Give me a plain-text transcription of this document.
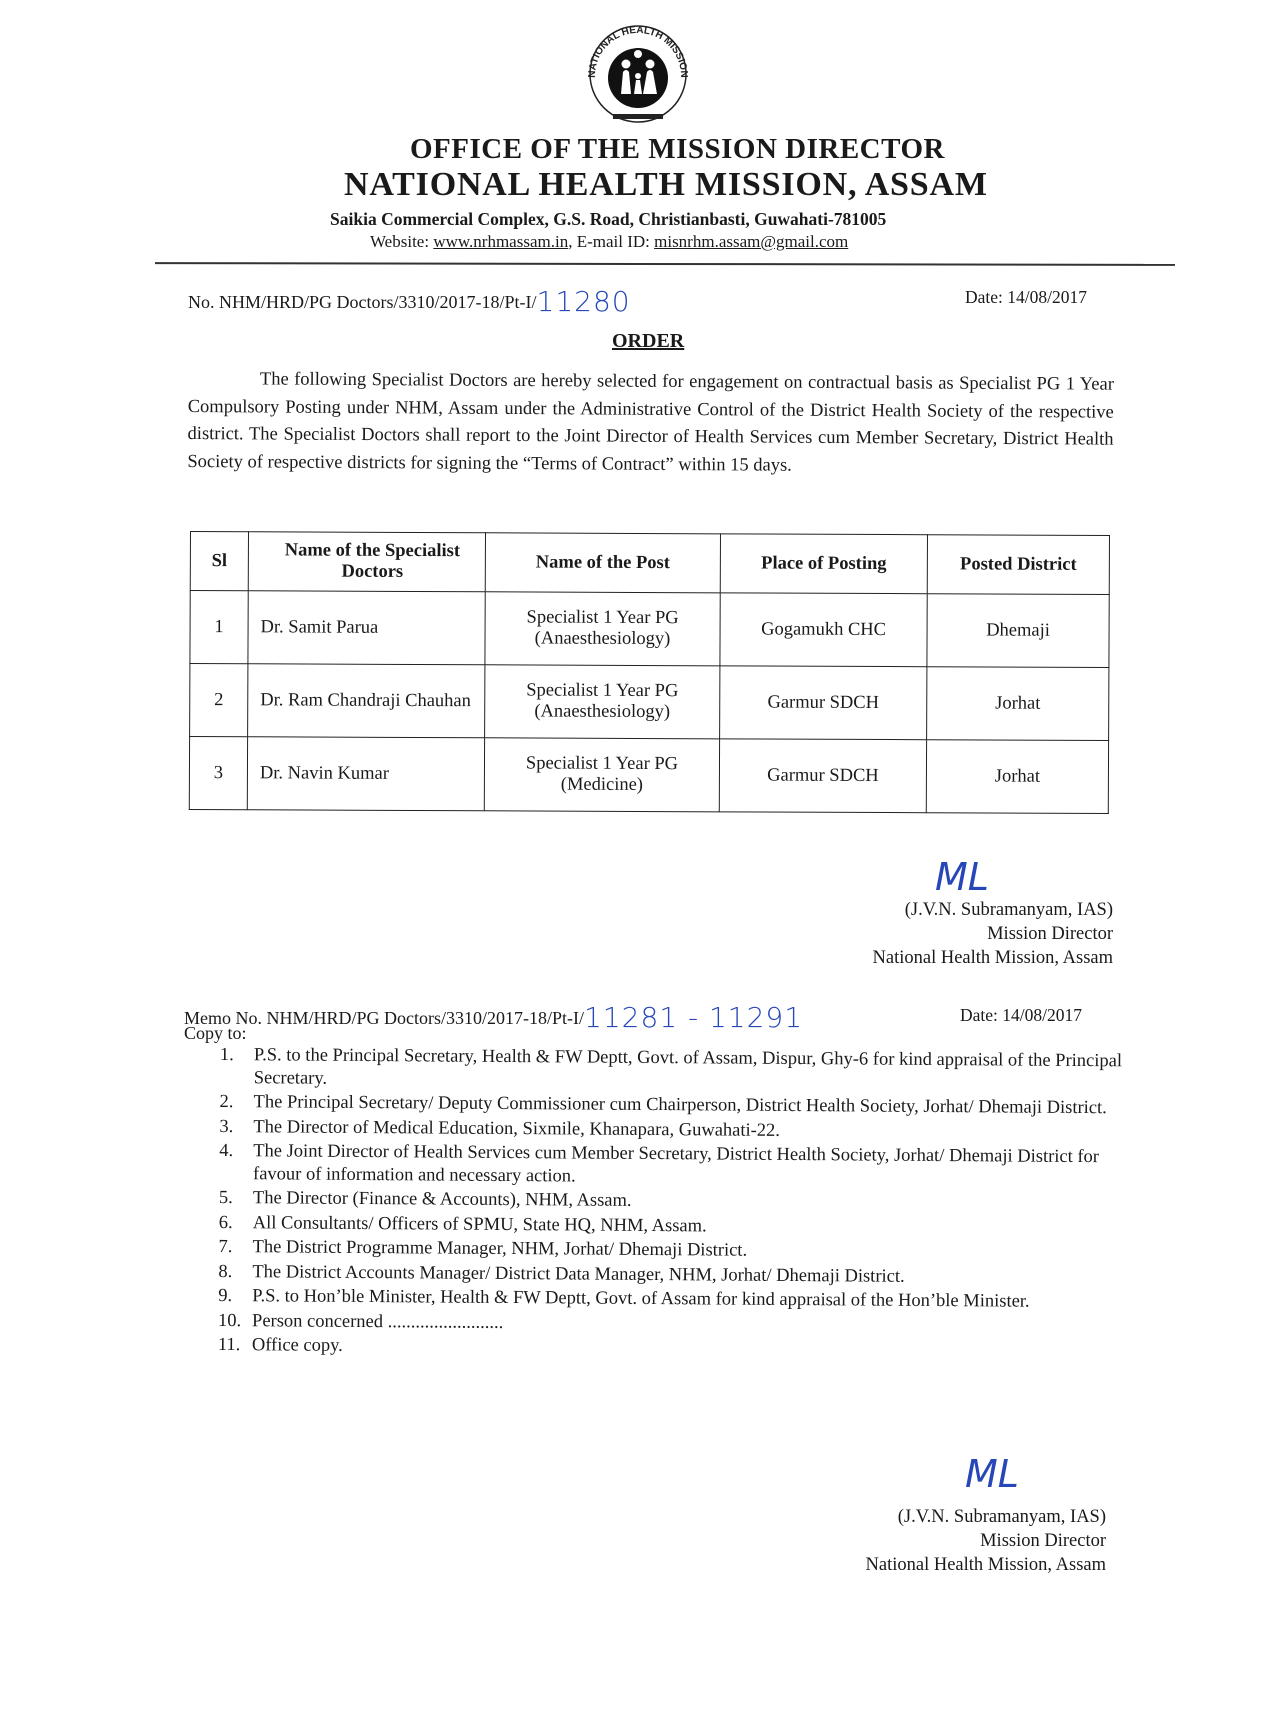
NATIONAL HEALTH MISSION
OFFICE OF THE MISSION DIRECTOR
NATIONAL HEALTH MISSION, ASSAM
Saikia Commercial Complex, G.S. Road, Christianbasti, Guwahati-781005
Website: www.nrhmassam.in, E-mail ID: misnrhm.assam@gmail.com
No. NHM/HRD/PG Doctors/3310/2017-18/Pt-I/11280	Date: 14/08/2017
ORDER
The following Specialist Doctors are hereby selected for engagement on contractual basis as Specialist PG 1 Year Compulsory Posting under NHM, Assam under the Administrative Control of the District Health Society of the respective district. The Specialist Doctors shall report to the Joint Director of Health Services cum Member Secretary, District Health Society of respective districts for signing the “Terms of Contract” within 15 days.
Sl	Name of the Specialist Doctors	Name of the Post	Place of Posting	Posted District
1	Dr. Samit Parua	Specialist 1 Year PG (Anaesthesiology)	Gogamukh CHC	Dhemaji
2	Dr. Ram Chandraji Chauhan	Specialist 1 Year PG (Anaesthesiology)	Garmur SDCH	Jorhat
3	Dr. Navin Kumar	Specialist 1 Year PG (Medicine)	Garmur SDCH	Jorhat
ML
(J.V.N. Subramanyam, IAS)
Mission Director
National Health Mission, Assam
Memo No. NHM/HRD/PG Doctors/3310/2017-18/Pt-I/11281 - 11291	Date: 14/08/2017
Copy to:
1. P.S. to the Principal Secretary, Health & FW Deptt, Govt. of Assam, Dispur, Ghy-6 for kind appraisal of the Principal Secretary.
2. The Principal Secretary/ Deputy Commissioner cum Chairperson, District Health Society, Jorhat/ Dhemaji District.
3. The Director of Medical Education, Sixmile, Khanapara, Guwahati-22.
4. The Joint Director of Health Services cum Member Secretary, District Health Society, Jorhat/ Dhemaji District for favour of information and necessary action.
5. The Director (Finance & Accounts), NHM, Assam.
6. All Consultants/ Officers of SPMU, State HQ, NHM, Assam.
7. The District Programme Manager, NHM, Jorhat/ Dhemaji District.
8. The District Accounts Manager/ District Data Manager, NHM, Jorhat/ Dhemaji District.
9. P.S. to Hon’ble Minister, Health & FW Deptt, Govt. of Assam for kind appraisal of the Hon’ble Minister.
10. Person concerned .........................
11. Office copy.
ML
(J.V.N. Subramanyam, IAS)
Mission Director
National Health Mission, Assam
